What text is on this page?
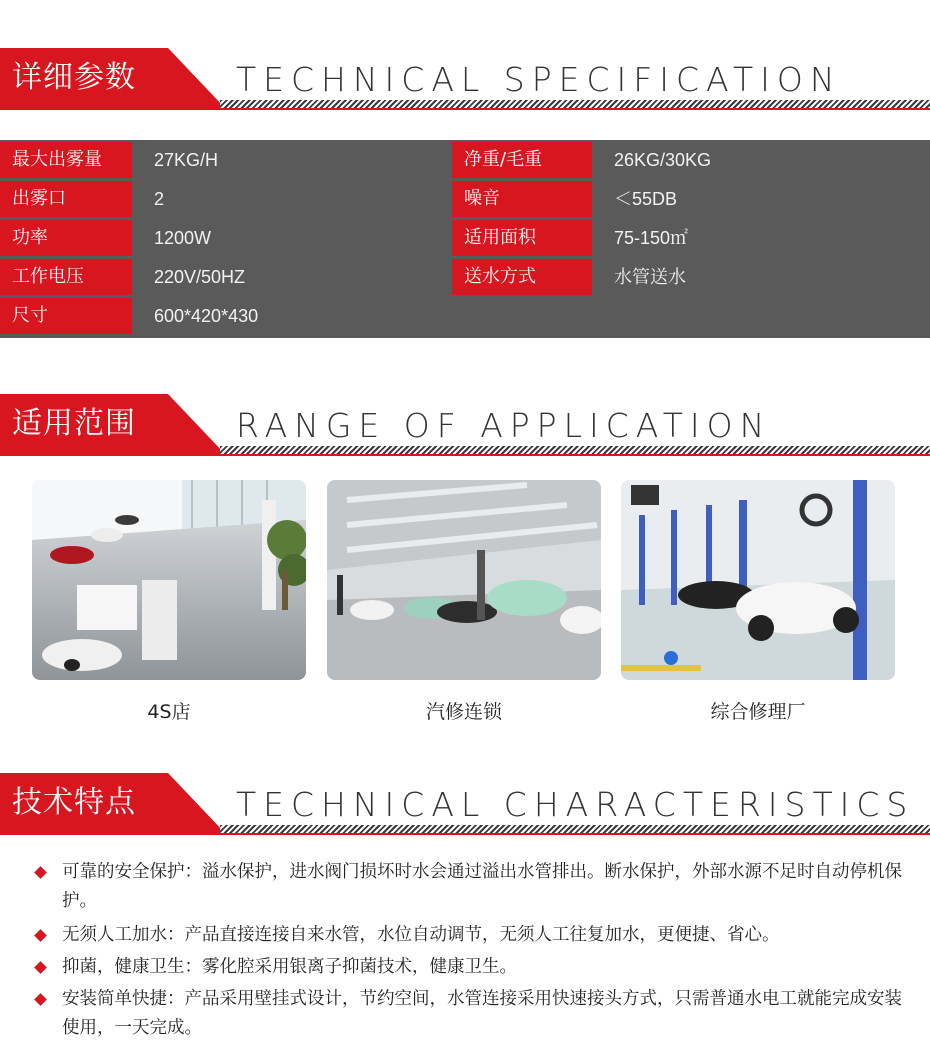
详细参数	TECHNICAL SPECIFICATION
最大出雾量	27KG/H	净重/毛重	26KG/30KG
出雾口	2	噪音	＜55DB
功率	1200W	适用面积	75-150㎡
工作电压	220V/50HZ	送水方式	水管送水
尺寸	600*420*430
适用范围	RANGE OF APPLICATION
4S店	汽修连锁	综合修理厂
技术特点	TECHNICAL CHARACTERISTICS
可靠的安全保护：溢水保护，进水阀门损坏时水会通过溢出水管排出。断水保护，外部水源不足时自动停机保护。
无须人工加水：产品直接连接自来水管，水位自动调节，无须人工往复加水，更便捷、省心。
抑菌，健康卫生：雾化腔采用银离子抑菌技术，健康卫生。
安装简单快捷：产品采用壁挂式设计，节约空间，水管连接采用快速接头方式，只需普通水电工就能完成安装使用，一天完成。
